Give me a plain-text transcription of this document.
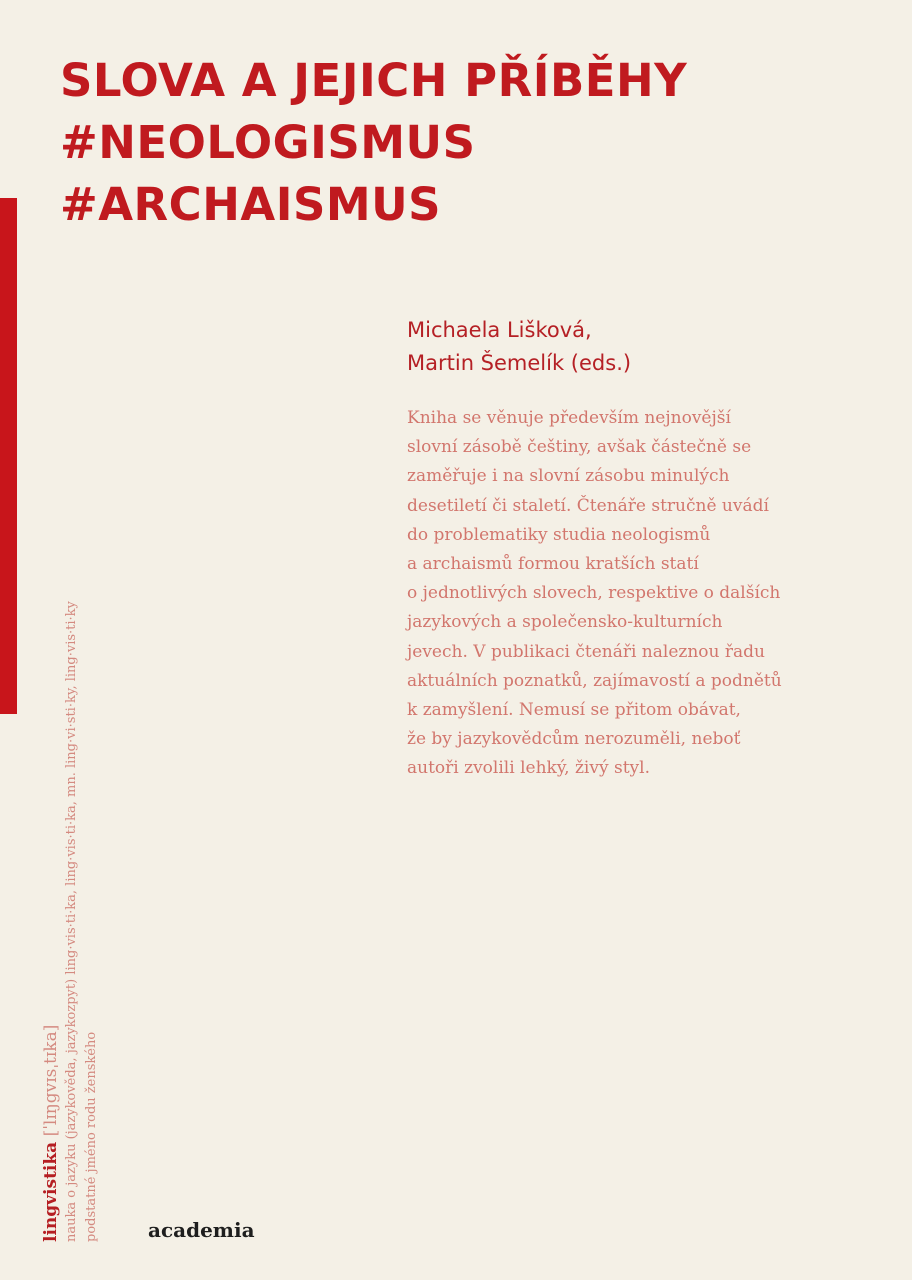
SLOVA A JEJICH PŘÍBĚHY
#NEOLOGISMUS
#ARCHAISMUS
Michaela Lišková,
Martin Šemelík (eds.)
Kniha se věnuje především nejnovější
slovní zásobě češtiny, avšak částečně se
zaměřuje i na slovní zásobu minulých
desetiletí či staletí. Čtenáře stručně uvádí
do problematiky studia neologismů
a archaismů formou kratších statí
o jednotlivých slovech, respektive o dalších
jazykových a společensko-kulturních
jevech. V publikaci čtenáři naleznou řadu
aktuálních poznatků, zajímavostí a podnětů
k zamyšlení. Nemusí se přitom obávat,
že by jazykovědcům nerozuměli, neboť
autoři zvolili lehký, živý styl.
lingvistika [ˈlɪŋgvɪsˌtɪka] nauka o jazyku (jazykověda, jazykozpyt) ling·vis·ti·ka, ling·vis·ti·ka, mn. ling·vi·sti·ky, ling·vis·ti·ky podstatné jméno rodu ženského academia
